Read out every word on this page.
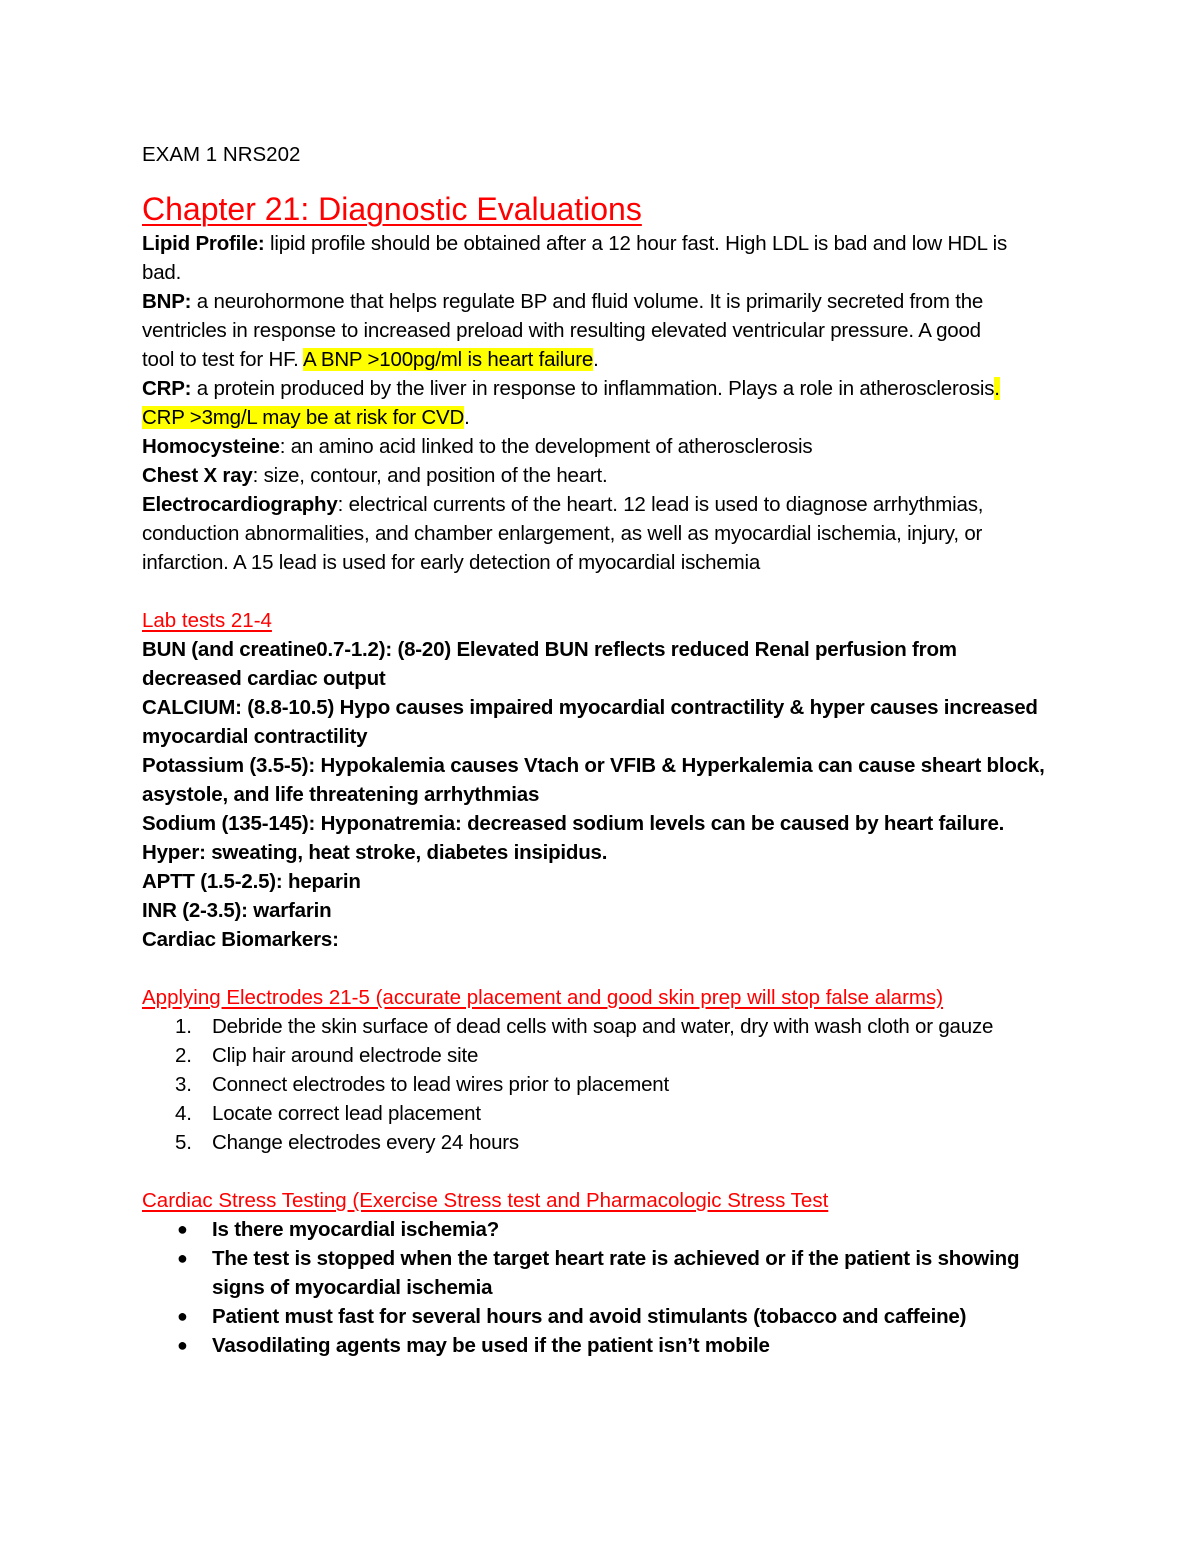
EXAM 1 NRS202
Chapter 21: Diagnostic Evaluations
Lipid Profile: lipid profile should be obtained after a 12 hour fast. High LDL is bad and low HDL is
bad.
BNP: a neurohormone that helps regulate BP and fluid volume. It is primarily secreted from the
ventricles in response to increased preload with resulting elevated ventricular pressure. A good
tool to test for HF. A BNP >100pg/ml is heart failure.
CRP: a protein produced by the liver in response to inflammation. Plays a role in atherosclerosis.
CRP >3mg/L may be at risk for CVD.
Homocysteine: an amino acid linked to the development of atherosclerosis
Chest X ray: size, contour, and position of the heart.
Electrocardiography: electrical currents of the heart. 12 lead is used to diagnose arrhythmias,
conduction abnormalities, and chamber enlargement, as well as myocardial ischemia, injury, or
infarction. A 15 lead is used for early detection of myocardial ischemia
Lab tests 21-4
BUN (and creatine0.7-1.2): (8-20) Elevated BUN reflects reduced Renal perfusion from
decreased cardiac output
CALCIUM: (8.8-10.5) Hypo causes impaired myocardial contractility & hyper causes increased
myocardial contractility
Potassium (3.5-5): Hypokalemia causes Vtach or VFIB & Hyperkalemia can cause sheart block,
asystole, and life threatening arrhythmias
Sodium (135-145): Hyponatremia: decreased sodium levels can be caused by heart failure.
Hyper: sweating, heat stroke, diabetes insipidus.
APTT (1.5-2.5): heparin
INR (2-3.5): warfarin
Cardiac Biomarkers:
Applying Electrodes 21-5 (accurate placement and good skin prep will stop false alarms)
1. Debride the skin surface of dead cells with soap and water, dry with wash cloth or gauze
2. Clip hair around electrode site
3. Connect electrodes to lead wires prior to placement
4. Locate correct lead placement
5. Change electrodes every 24 hours
Cardiac Stress Testing (Exercise Stress test and Pharmacologic Stress Test
● Is there myocardial ischemia?
● The test is stopped when the target heart rate is achieved or if the patient is showing
signs of myocardial ischemia
● Patient must fast for several hours and avoid stimulants (tobacco and caffeine)
● Vasodilating agents may be used if the patient isn’t mobile
